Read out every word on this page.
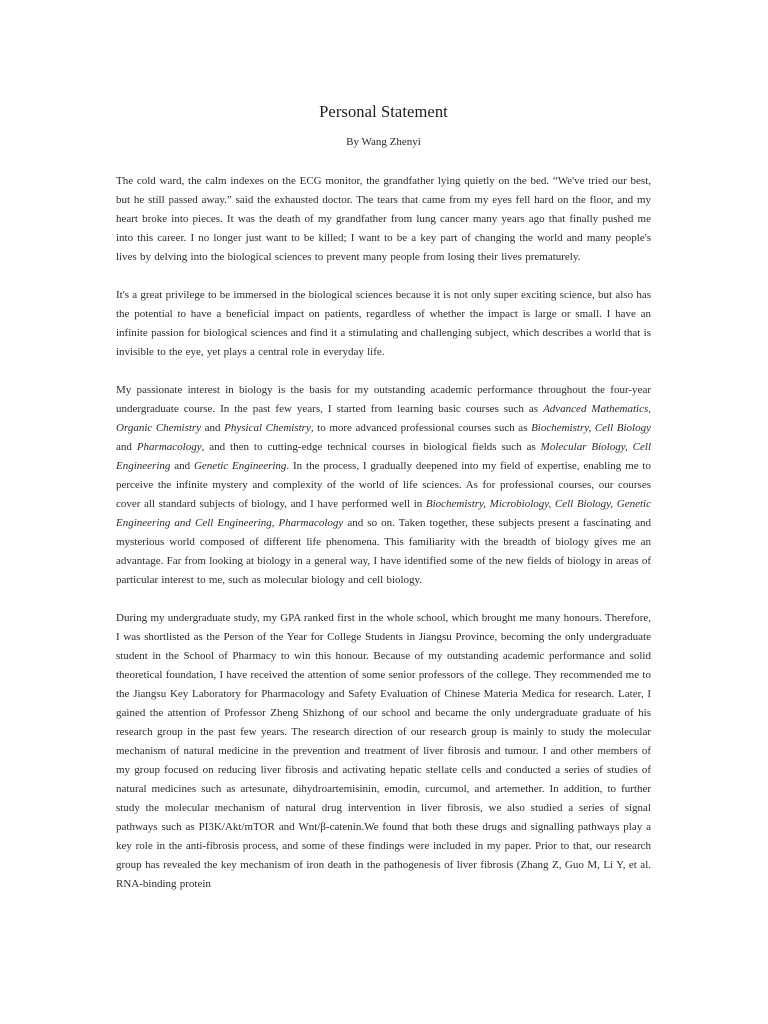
Personal Statement
By Wang Zhenyi

The cold ward, the calm indexes on the ECG monitor, the grandfather lying quietly on the bed. “We've tried our best, but he still passed away.” said the exhausted doctor. The tears that came from my eyes fell hard on the floor, and my heart broke into pieces. It was the death of my grandfather from lung cancer many years ago that finally pushed me into this career. I no longer just want to be killed; I want to be a key part of changing the world and many people's lives by delving into the biological sciences to prevent many people from losing their lives prematurely.

It's a great privilege to be immersed in the biological sciences because it is not only super exciting science, but also has the potential to have a beneficial impact on patients, regardless of whether the impact is large or small. I have an infinite passion for biological sciences and find it a stimulating and challenging subject, which describes a world that is invisible to the eye, yet plays a central role in everyday life.

My passionate interest in biology is the basis for my outstanding academic performance throughout the four-year undergraduate course. In the past few years, I started from learning basic courses such as Advanced Mathematics, Organic Chemistry and Physical Chemistry, to more advanced professional courses such as Biochemistry, Cell Biology and Pharmacology, and then to cutting-edge technical courses in biological fields such as Molecular Biology, Cell Engineering and Genetic Engineering. In the process, I gradually deepened into my field of expertise, enabling me to perceive the infinite mystery and complexity of the world of life sciences. As for professional courses, our courses cover all standard subjects of biology, and I have performed well in Biochemistry, Microbiology, Cell Biology, Genetic Engineering and Cell Engineering, Pharmacology and so on. Taken together, these subjects present a fascinating and mysterious world composed of different life phenomena. This familiarity with the breadth of biology gives me an advantage. Far from looking at biology in a general way, I have identified some of the new fields of biology in areas of particular interest to me, such as molecular biology and cell biology.

During my undergraduate study, my GPA ranked first in the whole school, which brought me many honours. Therefore, I was shortlisted as the Person of the Year for College Students in Jiangsu Province, becoming the only undergraduate student in the School of Pharmacy to win this honour. Because of my outstanding academic performance and solid theoretical foundation, I have received the attention of some senior professors of the college. They recommended me to the Jiangsu Key Laboratory for Pharmacology and Safety Evaluation of Chinese Materia Medica for research. Later, I gained the attention of Professor Zheng Shizhong of our school and became the only undergraduate graduate of his research group in the past few years. The research direction of our research group is mainly to study the molecular mechanism of natural medicine in the prevention and treatment of liver fibrosis and tumour. I and other members of my group focused on reducing liver fibrosis and activating hepatic stellate cells and conducted a series of studies of natural medicines such as artesunate, dihydroartemisinin, emodin, curcumol, and artemether. In addition, to further study the molecular mechanism of natural drug intervention in liver fibrosis, we also studied a series of signal pathways such as PI3K/Akt/mTOR and Wnt/β-catenin.We found that both these drugs and signalling pathways play a key role in the anti-fibrosis process, and some of these findings were included in my paper. Prior to that, our research group has revealed the key mechanism of iron death in the pathogenesis of liver fibrosis (Zhang Z, Guo M, Li Y, et al. RNA-binding protein
